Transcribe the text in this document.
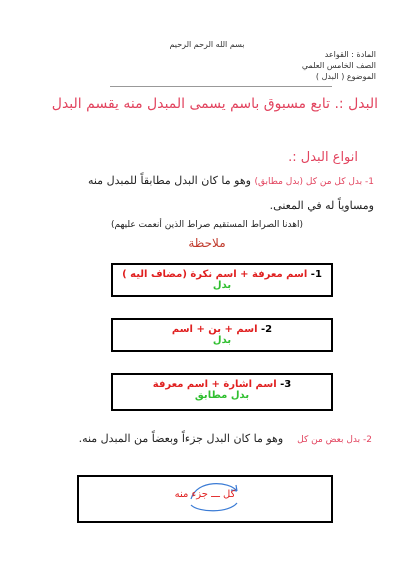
بسم الله الرحم الرحيم
المادة : القواعد
الصف الخامس العلمي
الموضوع ( البدل )
البدل :. تابع مسبوق باسم يسمى المبدل منه يقسم البدل
انواع البدل :.
1- بدل كل من كل (بدل مطابق) وهو ما كان البدل مطابقاً للمبدل منه
ومساوياً له في المعنى.
(اهدنا الصراط المستقيم صراط الذين أنعمت عليهم)
ملاحظة
1- اسم معرفة + اسم نكرة (مضاف اليه )
بدل
2- اسم + بن + اسم
بدل
3- اسم اشارة + اسم معرفة
بدل مطابق
2- بدل بعض من كل    وهو ما كان البدل جزءاً وبعضاً من المبدل منه.
كل ـــ جزء منه
